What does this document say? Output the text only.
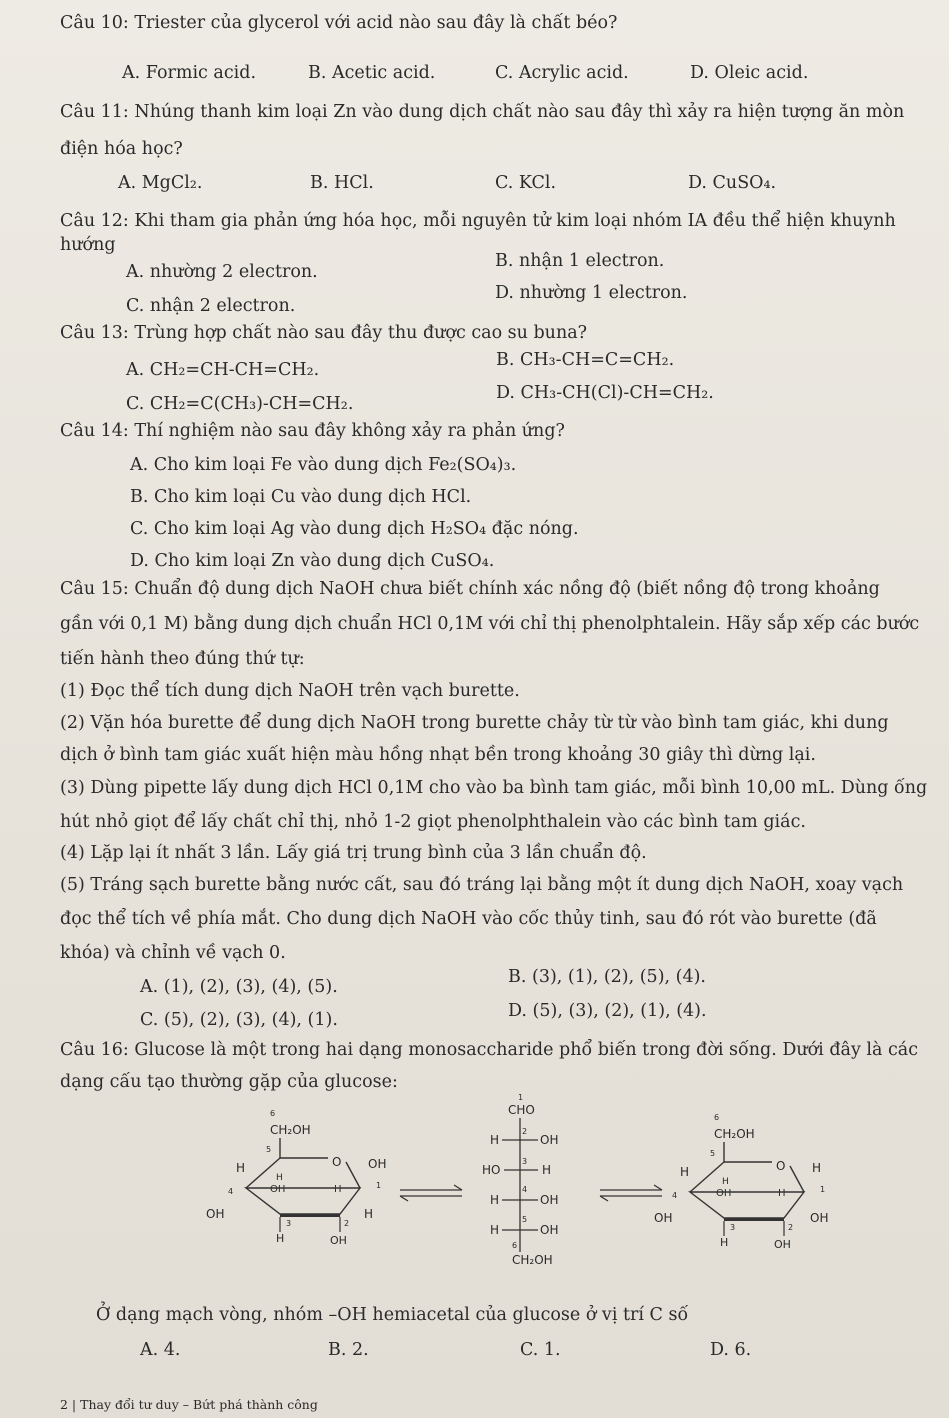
Câu 10: Triester của glycerol với acid nào sau đây là chất béo?
A. Formic acid.	B. Acetic acid.	C. Acrylic acid.	D. Oleic acid.
Câu 11: Nhúng thanh kim loại Zn vào dung dịch chất nào sau đây thì xảy ra hiện tượng ăn mòn
điện hóa học?
A. MgCl₂.	B. HCl.	C. KCl.	D. CuSO₄.
Câu 12: Khi tham gia phản ứng hóa học, mỗi nguyên tử kim loại nhóm IA đều thể hiện khuynh
hướng
A. nhường 2 electron.
B. nhận 1 electron.
C. nhận 2 electron.
D. nhường 1 electron.
Câu 13: Trùng hợp chất nào sau đây thu được cao su buna?
A. CH₂=CH-CH=CH₂.	B. CH₃-CH=C=CH₂.
C. CH₂=C(CH₃)-CH=CH₂.
D. CH₃-CH(Cl)-CH=CH₂.
Câu 14: Thí nghiệm nào sau đây không xảy ra phản ứng?
A. Cho kim loại Fe vào dung dịch Fe₂(SO₄)₃.
B. Cho kim loại Cu vào dung dịch HCl.
C. Cho kim loại Ag vào dung dịch H₂SO₄ đặc nóng.
D. Cho kim loại Zn vào dung dịch CuSO₄.
Câu 15: Chuẩn độ dung dịch NaOH chưa biết chính xác nồng độ (biết nồng độ trong khoảng
gần với 0,1 M) bằng dung dịch chuẩn HCl 0,1M với chỉ thị phenolphtalein. Hãy sắp xếp các bước
tiến hành theo đúng thứ tự:
(1) Đọc thể tích dung dịch NaOH trên vạch burette.
(2) Vặn hóa burette để dung dịch NaOH trong burette chảy từ từ vào bình tam giác, khi dung
dịch ở bình tam giác xuất hiện màu hồng nhạt bền trong khoảng 30 giây thì dừng lại.
(3) Dùng pipette lấy dung dịch HCl 0,1M cho vào ba bình tam giác, mỗi bình 10,00 mL. Dùng ống
hút nhỏ giọt để lấy chất chỉ thị, nhỏ 1-2 giọt phenolphthalein vào các bình tam giác.
(4) Lặp lại ít nhất 3 lần. Lấy giá trị trung bình của 3 lần chuẩn độ.
(5) Tráng sạch burette bằng nước cất, sau đó tráng lại bằng một ít dung dịch NaOH, xoay vạch
đọc thể tích về phía mắt. Cho dung dịch NaOH vào cốc thủy tinh, sau đó rót vào burette (đã
khóa) và chỉnh về vạch 0.
A. (1), (2), (3), (4), (5).	B. (3), (1), (2), (5), (4).
C. (5), (2), (3), (4), (1).	D. (5), (3), (2), (1), (4).
Câu 16: Glucose là một trong hai dạng monosaccharide phổ biến trong đời sống. Dưới đây là các
dạng cấu tạo thường gặp của glucose:
6
CH₂OH
5
H	O OH
H
4	OH	H	1
OH
3	2
H
H	OH
1
CHO
H
2
OH
HO
3
H
4
H	OH
5
H	OH
6
CH₂OH
6
CH₂OH
5
H	O H
H
4	OH	H	1
OH
3	2
OH
H	OH
Ở dạng mạch vòng, nhóm –OH hemiacetal của glucose ở vị trí C số
A. 4.	B. 2.	C. 1.	D. 6.
2 | Thay đổi tư duy – Bứt phá thành công
